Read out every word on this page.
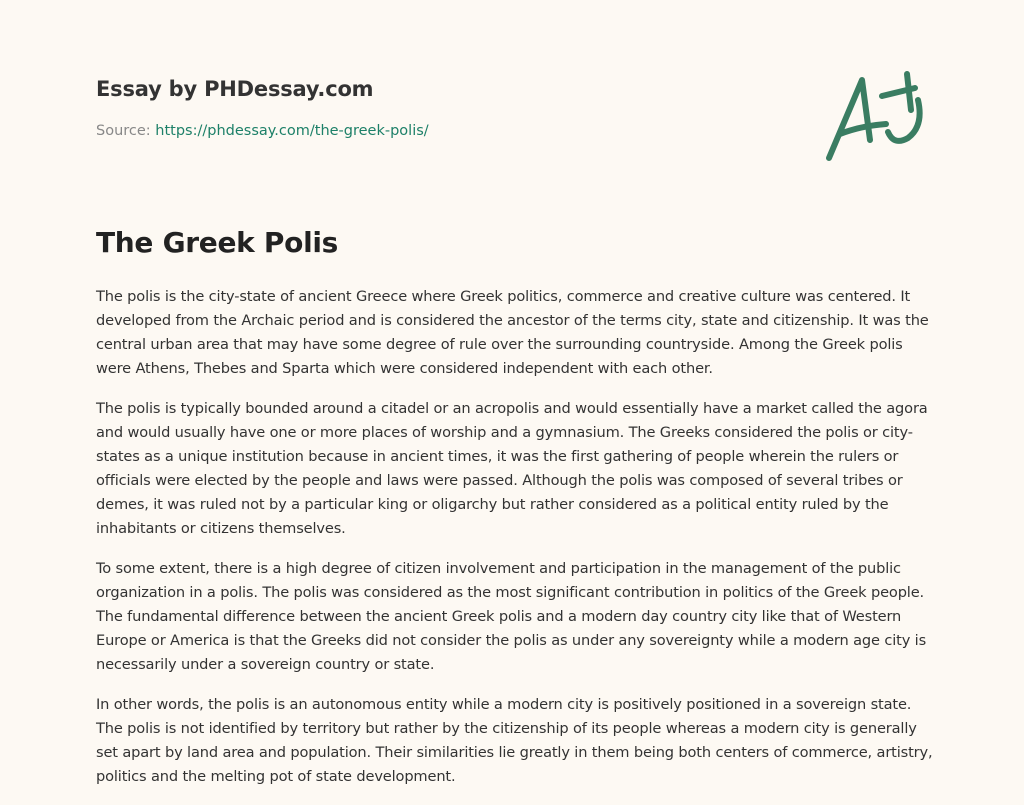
Essay by PHDessay.com
Source: https://phdessay.com/the-greek-polis/
The Greek Polis

The polis is the city-state of ancient Greece where Greek politics, commerce and creative culture was centered. It developed from the Archaic period and is considered the ancestor of the terms city, state and citizenship. It was the central urban area that may have some degree of rule over the surrounding countryside. Among the Greek polis were Athens, Thebes and Sparta which were considered independent with each other.

The polis is typically bounded around a citadel or an acropolis and would essentially have a market called the agora and would usually have one or more places of worship and a gymnasium. The Greeks considered the polis or city-states as a unique institution because in ancient times, it was the first gathering of people wherein the rulers or officials were elected by the people and laws were passed. Although the polis was composed of several tribes or demes, it was ruled not by a particular king or oligarchy but rather considered as a political entity ruled by the inhabitants or citizens themselves.

To some extent, there is a high degree of citizen involvement and participation in the management of the public organization in a polis. The polis was considered as the most significant contribution in politics of the Greek people. The fundamental difference between the ancient Greek polis and a modern day country city like that of Western Europe or America is that the Greeks did not consider the polis as under any sovereignty while a modern age city is necessarily under a sovereign country or state.

In other words, the polis is an autonomous entity while a modern city is positively positioned in a sovereign state. The polis is not identified by territory but rather by the citizenship of its people whereas a modern city is generally set apart by land area and population. Their similarities lie greatly in them being both centers of commerce, artistry, politics and the melting pot of state development.
